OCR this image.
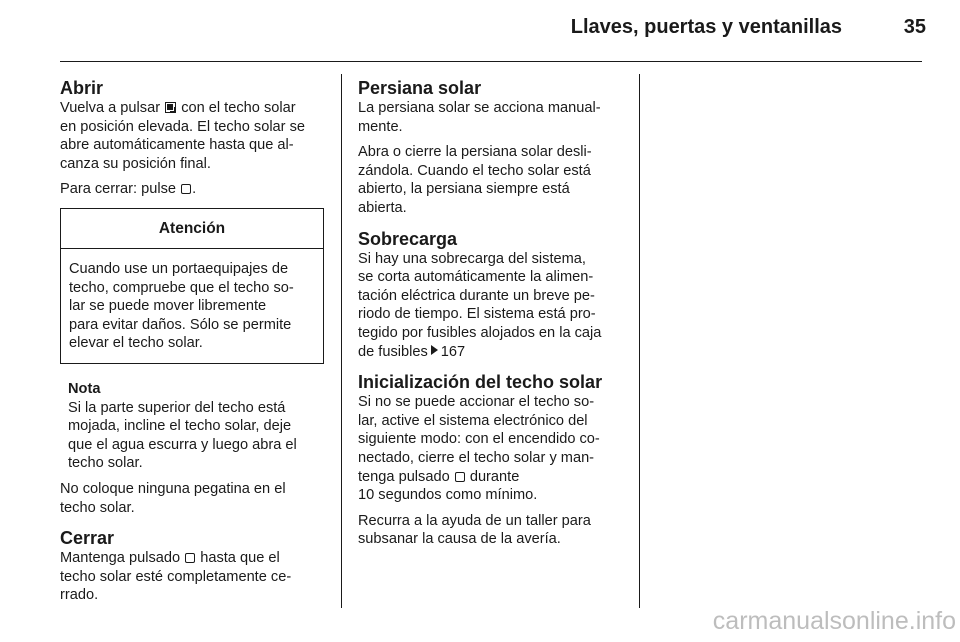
Llaves, puertas y ventanillas	35

Abrir

Vuelva a pulsar con el techo solar

en posición elevada. El techo solar se

abre automáticamente hasta que al-

canza su posición final.

Para cerrar: pulse .

Atención

Cuando use un portaequipajes de

techo, compruebe que el techo so-

lar se puede mover libremente

para evitar daños. Sólo se permite

elevar el techo solar.

Nota

Si la parte superior del techo está

mojada, incline el techo solar, deje

que el agua escurra y luego abra el

techo solar.

No coloque ninguna pegatina en el

techo solar.

Cerrar

Mantenga pulsado hasta que el

techo solar esté completamente ce-

rrado.

Persiana solar

La persiana solar se acciona manual-

mente.

Abra o cierre la persiana solar desli-

zándola. Cuando el techo solar está

abierto, la persiana siempre está

abierta.

Sobrecarga

Si hay una sobrecarga del sistema,

se corta automáticamente la alimen-

tación eléctrica durante un breve pe-

riodo de tiempo. El sistema está pro-

tegido por fusibles alojados en la caja

de fusibles 167

Inicialización del techo solar

Si no se puede accionar el techo so-

lar, active el sistema electrónico del

siguiente modo: con el encendido co-

nectado, cierre el techo solar y man-

tenga pulsado durante

10 segundos como mínimo.

Recurra a la ayuda de un taller para

subsanar la causa de la avería.

carmanualsonline.info
